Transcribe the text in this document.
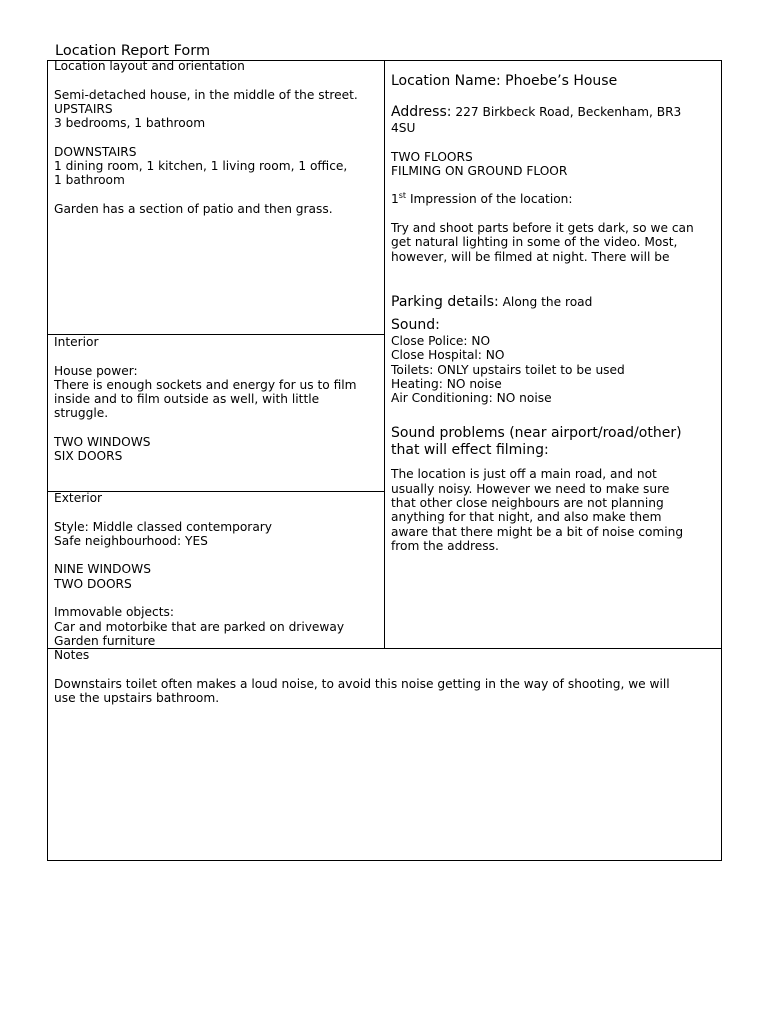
Location Report Form
Location layout and orientation
Semi-detached house, in the middle of the street.
UPSTAIRS
3 bedrooms, 1 bathroom
DOWNSTAIRS
1 dining room, 1 kitchen, 1 living room, 1 office,
1 bathroom
Garden has a section of patio and then grass.
Interior
House power:
There is enough sockets and energy for us to film
inside and to film outside as well, with little
struggle.
TWO WINDOWS
SIX DOORS
Exterior
Style: Middle classed contemporary
Safe neighbourhood: YES
NINE WINDOWS
TWO DOORS
Immovable objects:
Car and motorbike that are parked on driveway
Garden furniture
Location Name: Phoebe’s House
Address: 227 Birkbeck Road, Beckenham, BR3
4SU
TWO FLOORS
FILMING ON GROUND FLOOR
1st Impression of the location:
Try and shoot parts before it gets dark, so we can
get natural lighting in some of the video. Most,
however, will be filmed at night. There will be
Parking details: Along the road
Sound:
Close Police: NO
Close Hospital: NO
Toilets: ONLY upstairs toilet to be used
Heating: NO noise
Air Conditioning: NO noise
Sound problems (near airport/road/other)
that will effect filming:
The location is just off a main road, and not
usually noisy. However we need to make sure
that other close neighbours are not planning
anything for that night, and also make them
aware that there might be a bit of noise coming
from the address.
Notes
Downstairs toilet often makes a loud noise, to avoid this noise getting in the way of shooting, we will
use the upstairs bathroom.
